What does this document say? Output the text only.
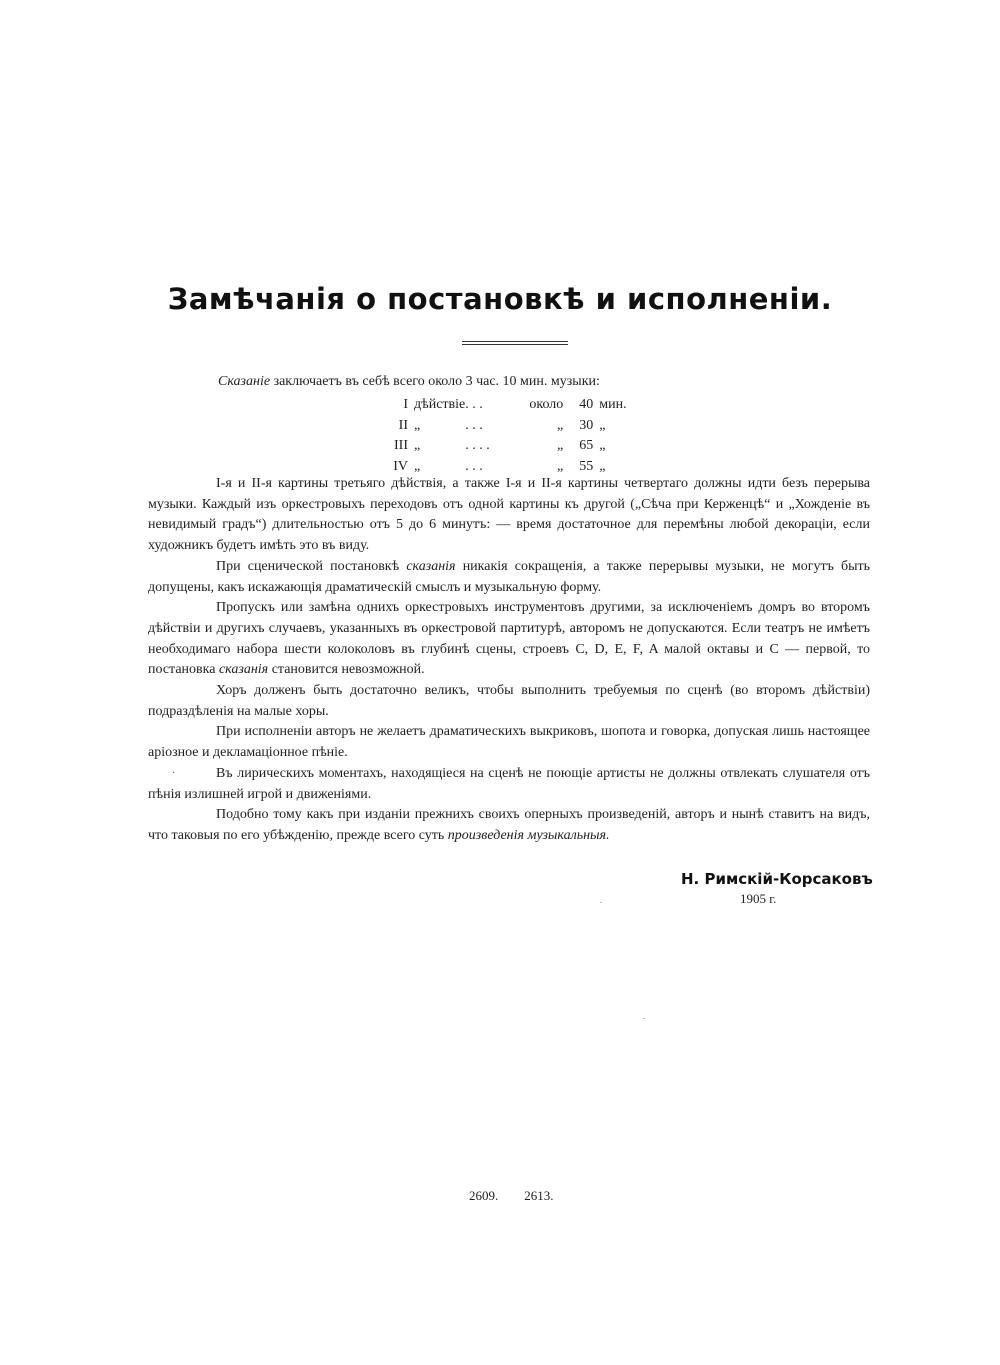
Замѣчанія о постановкѣ и исполненіи.
Сказаніе заключаетъ въ себѣ всего около 3 час. 10 мин. музыки:
I	дѣйствіе	. . .	около	40	мин.
II	„	. . .	„	30	„
III	„	. . . .	„	65	„
IV	„	. . .	„	55	„

I-я и II-я картины третьяго дѣйствія, а также I-я и II-я картины четвертаго должны идти безъ перерыва музыки. Каждый изъ оркестровыхъ переходовъ отъ одной картины къ другой („Сѣча при Керженцѣ“ и „Хожденіе въ невидимый градъ“) длительностью отъ 5 до 6 минутъ: — время достаточное для перемѣны любой декораціи, если художникъ будетъ имѣть это въ виду.

При сценической постановкѣ сказанія никакія сокращенія, а также перерывы музыки, не могутъ быть допущены, какъ искажающія драматическій смыслъ и музыкальную форму.

Пропускъ или замѣна однихъ оркестровыхъ инструментовъ другими, за исключеніемъ домръ во второмъ дѣйствіи и другихъ случаевъ, указанныхъ въ оркестровой партитурѣ, авторомъ не допускаются. Если театръ не имѣетъ необходимаго набора шести колоколовъ въ глубинѣ сцены, строевъ C, D, E, F, A малой октавы и C — первой, то постановка сказанія становится невозможной.

Хоръ долженъ быть достаточно великъ, чтобы выполнить требуемыя по сценѣ (во второмъ дѣйствіи) подраздѣленія на малые хоры.

При исполненіи авторъ не желаетъ драматическихъ выкриковъ, шопота и говорка, допуская лишь настоящее аріозное и декламаціонное пѣніе.

Въ лирическихъ моментахъ, находящіеся на сценѣ не поющіе артисты не должны отвлекать слушателя отъ пѣнія излишней игрой и движеніями.

Подобно тому какъ при изданіи прежнихъ своихъ оперныхъ произведеній, авторъ и нынѣ ставитъ на видъ, что таковыя по его убѣжденію, прежде всего суть произведенія музыкальныя.

·
Н. Римскій-Корсаковъ
1905 г.
2609. 2613.
